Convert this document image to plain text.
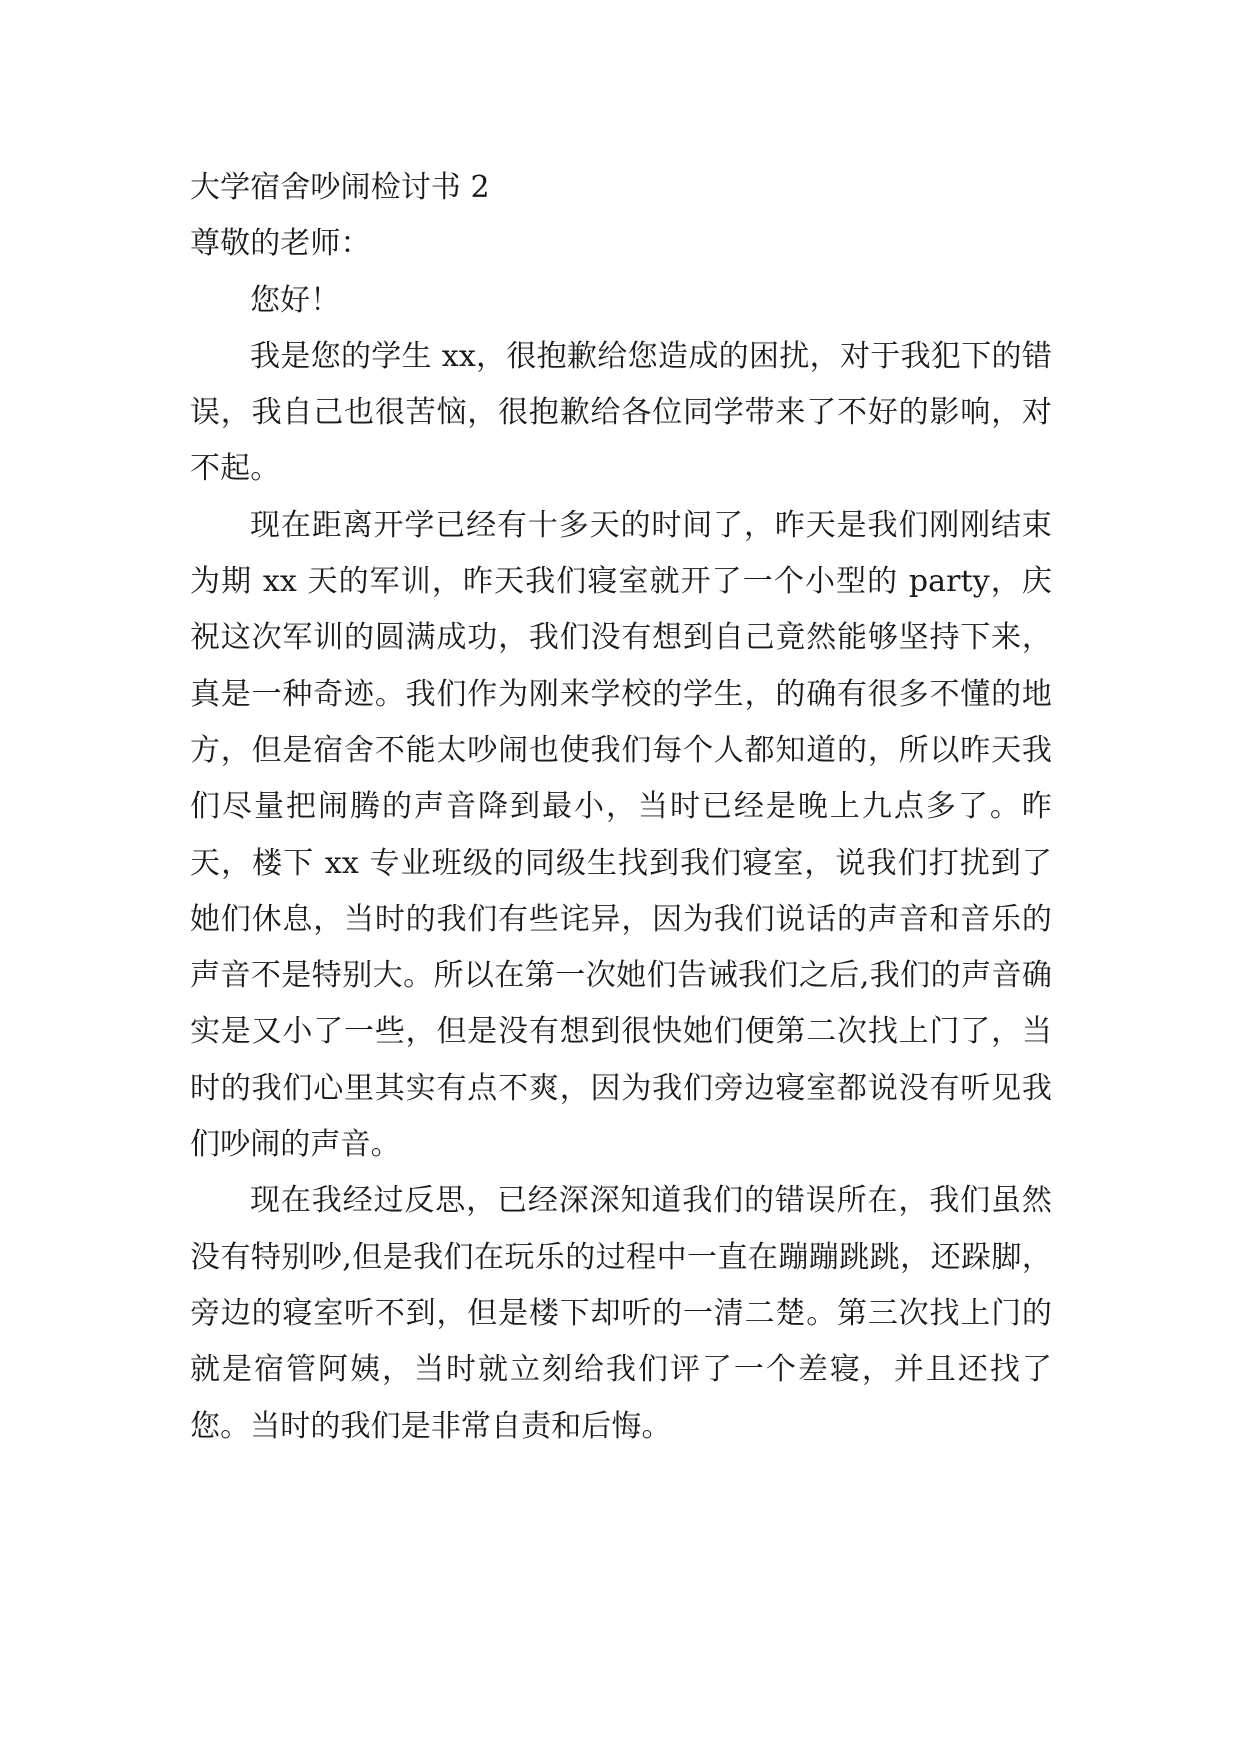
大学宿舍吵闹检讨书 2

尊敬的老师：

您好！

我是您的学生 xx，很抱歉给您造成的困扰，对于我犯下的错误，我自己也很苦恼，很抱歉给各位同学带来了不好的影响，对不起。

现在距离开学已经有十多天的时间了，昨天是我们刚刚结束为期 xx 天的军训，昨天我们寝室就开了一个小型的 party，庆祝这次军训的圆满成功，我们没有想到自己竟然能够坚持下来，真是一种奇迹。我们作为刚来学校的学生，的确有很多不懂的地方，但是宿舍不能太吵闹也使我们每个人都知道的，所以昨天我们尽量把闹腾的声音降到最小，当时已经是晚上九点多了。昨天，楼下 xx 专业班级的同级生找到我们寝室，说我们打扰到了她们休息，当时的我们有些诧异，因为我们说话的声音和音乐的声音不是特别大。所以在第一次她们告诫我们之后,我们的声音确实是又小了一些，但是没有想到很快她们便第二次找上门了，当时的我们心里其实有点不爽，因为我们旁边寝室都说没有听见我们吵闹的声音。

现在我经过反思，已经深深知道我们的错误所在，我们虽然没有特别吵,但是我们在玩乐的过程中一直在蹦蹦跳跳，还跺脚，旁边的寝室听不到，但是楼下却听的一清二楚。第三次找上门的就是宿管阿姨，当时就立刻给我们评了一个差寝，并且还找了您。当时的我们是非常自责和后悔。
